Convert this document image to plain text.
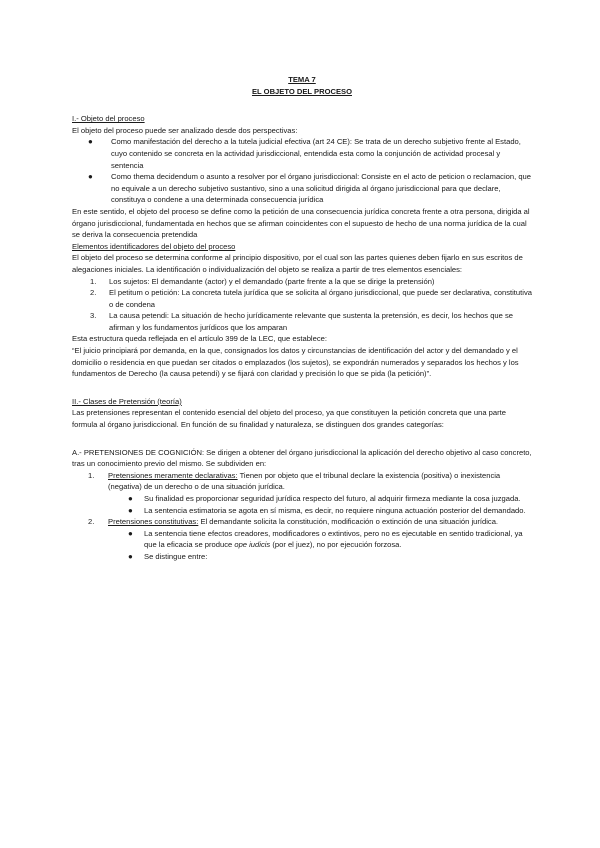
TEMA 7
EL OBJETO DEL PROCESO
I.- Objeto del proceso
El objeto del proceso puede ser analizado desde dos perspectivas:
● Como manifestación del derecho a la tutela judicial efectiva (art 24 CE): Se trata de un derecho subjetivo frente al Estado, cuyo contenido se concreta en la actividad jurisdiccional, entendida esta como la conjunción de actividad procesal y sentencia
● Como thema decidendum o asunto a resolver por el órgano jurisdiccional: Consiste en el acto de peticion o reclamacion, que no equivale a un derecho subjetivo sustantivo, sino a una solicitud dirigida al órgano jurisdiccional para que declare, constituya o condene a una determinada consecuencia jurídica
En este sentido, el objeto del proceso se define como la petición de una consecuencia jurídica concreta frente a otra persona, dirigida al órgano jurisdiccional, fundamentada en hechos que se afirman coincidentes con el supuesto de hecho de una norma jurídica de la cual se deriva la consecuencia pretendida
Elementos identificadores del objeto del proceso
El objeto del proceso se determina conforme al principio dispositivo, por el cual son las partes quienes deben fijarlo en sus escritos de alegaciones iniciales. La identificación o individualización del objeto se realiza a partir de tres elementos esenciales:
1. Los sujetos: El demandante (actor) y el demandado (parte frente a la que se dirige la pretensión)
2. El petitum o petición: La concreta tutela jurídica que se solicita al órgano jurisdiccional, que puede ser declarativa, constitutiva o de condena
3. La causa petendi: La situación de hecho jurídicamente relevante que sustenta la pretensión, es decir, los hechos que se afirman y los fundamentos jurídicos que los amparan
Esta estructura queda reflejada en el artículo 399 de la LEC, que establece:
“El juicio principiará por demanda, en la que, consignados los datos y circunstancias de identificación del actor y del demandado y el domicilio o residencia en que puedan ser citados o emplazados (los sujetos), se expondrán numerados y separados los hechos y los fundamentos de Derecho (la causa petendi) y se fijará con claridad y precisión lo que se pida (la petición)”.
II.- Clases de Pretensión (teoría)
Las pretensiones representan el contenido esencial del objeto del proceso, ya que constituyen la petición concreta que una parte formula al órgano jurisdiccional. En función de su finalidad y naturaleza, se distinguen dos grandes categorías:
A.- PRETENSIONES DE COGNICIÓN: Se dirigen a obtener del órgano jurisdiccional la aplicación del derecho objetivo al caso concreto, tras un conocimiento previo del mismo. Se subdividen en:
1. Pretensiones meramente declarativas: Tienen por objeto que el tribunal declare la existencia (positiva) o inexistencia (negativa) de un derecho o de una situación jurídica.
● Su finalidad es proporcionar seguridad jurídica respecto del futuro, al adquirir firmeza mediante la cosa juzgada.
● La sentencia estimatoria se agota en sí misma, es decir, no requiere ninguna actuación posterior del demandado.
2. Pretensiones constitutivas: El demandante solicita la constitución, modificación o extinción de una situación jurídica.
● La sentencia tiene efectos creadores, modificadores o extintivos, pero no es ejecutable en sentido tradicional, ya que la eficacia se produce ope iudicis (por el juez), no por ejecución forzosa.
● Se distingue entre:
